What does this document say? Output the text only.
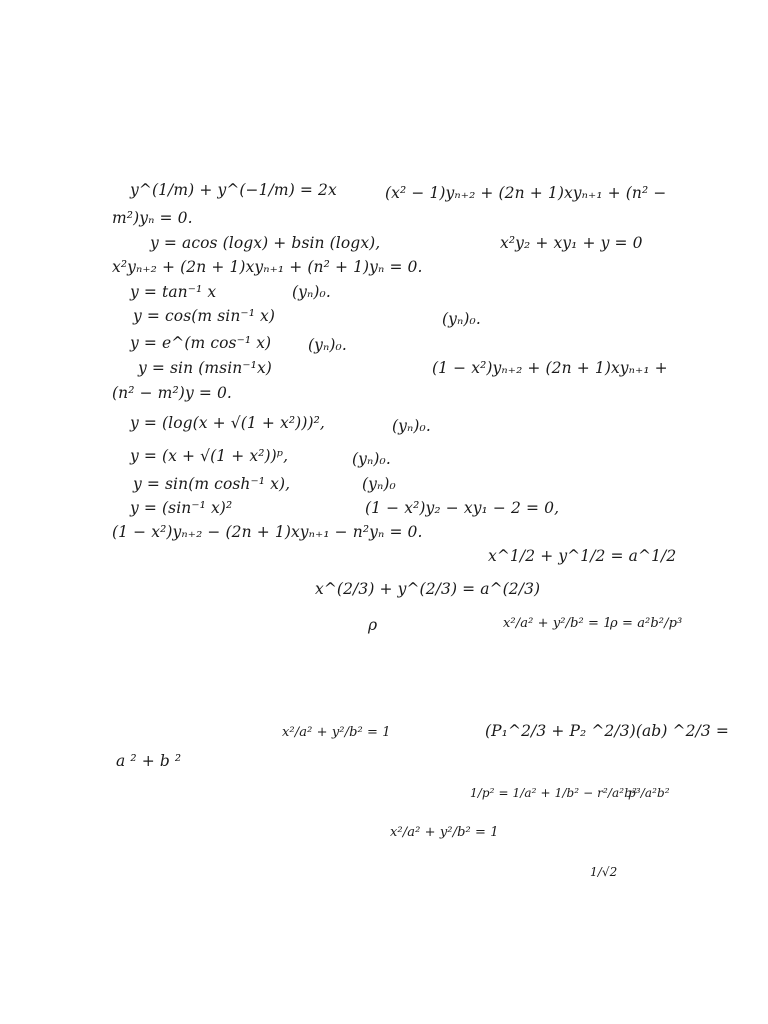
y^(1/m) + y^(−1/m) = 2x	(x² − 1)yₙ₊₂ + (2n + 1)xyₙ₊₁ + (n² −
m²)yₙ = 0.
y = acos (logx) + bsin (logx),	x²y₂ + xy₁ + y = 0
x²yₙ₊₂ + (2n + 1)xyₙ₊₁ + (n² + 1)yₙ = 0.
y = tan⁻¹ x	(yₙ)₀.
y = cos(m sin⁻¹ x)	(yₙ)₀.
y = e^(m cos⁻¹ x) (yₙ)₀.
y = sin (msin⁻¹x)	(1 − x²)yₙ₊₂ + (2n + 1)xyₙ₊₁ +
(n² − m²)y = 0.
y = (log(x + √(1 + x²)))²,	(yₙ)₀.
y = (x + √(1 + x²))ᵖ,	(yₙ)₀.
y = sin(m cosh⁻¹ x),	(yₙ)₀
y = (sin⁻¹ x)²	(1 − x²)y₂ − xy₁ − 2 = 0,
(1 − x²)yₙ₊₂ − (2n + 1)xyₙ₊₁ − n²yₙ = 0.
x^1/2 + y^1/2 = a^1/2
x^(2/3) + y^(2/3) = a^(2/3)
ρ	x²/a² + y²/b² = 1
ρ = a²b²/p³
x²/a² + y²/b² = 1	(P₁^2/3 + P₂ ^2/3)(ab) ^2/3 =
a ² + b ²
1/p² = 1/a² + 1/b² − r²/a²b²
p³/a²b²
x²/a² + y²/b² = 1
1/√2
